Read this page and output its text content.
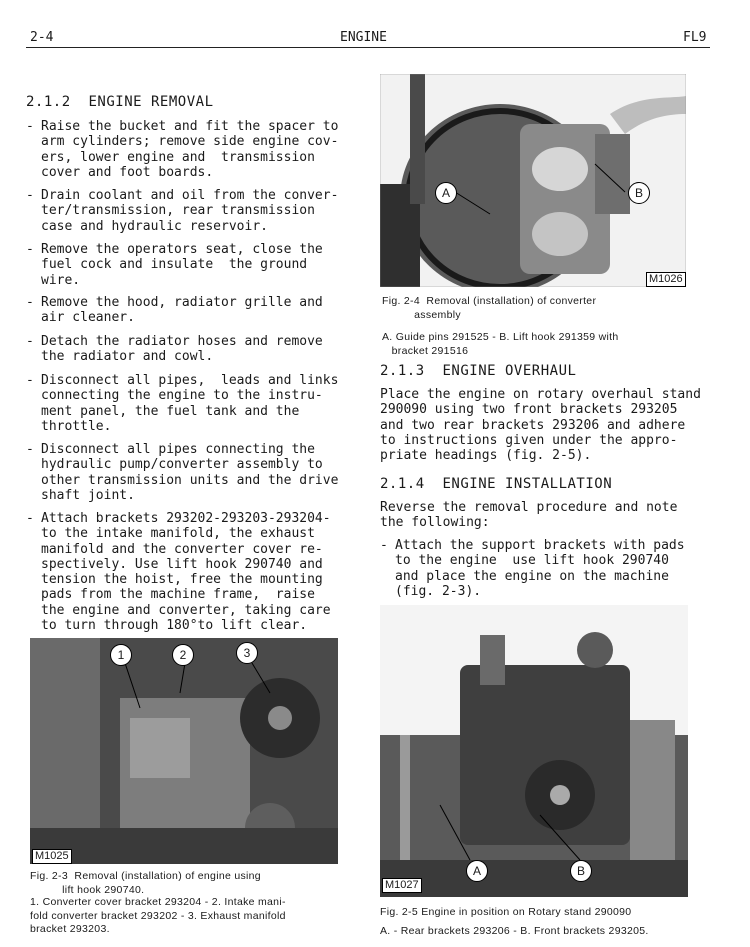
2-4	ENGINE	FL9
2.1.2  ENGINE REMOVAL
- Raise the bucket and fit the spacer to
arm cylinders; remove side engine cov-
ers, lower engine and  transmission
cover and foot boards.
- Drain coolant and oil from the conver-
ter/transmission, rear transmission
case and hydraulic reservoir.
- Remove the operators seat, close the
fuel cock and insulate  the ground
wire.
- Remove the hood, radiator grille and
air cleaner.
- Detach the radiator hoses and remove
the radiator and cowl.
- Disconnect all pipes,  leads and links
connecting the engine to the instru-
ment panel, the fuel tank and the
throttle.
- Disconnect all pipes connecting the
hydraulic pump/converter assembly to
other transmission units and the drive
shaft joint.
- Attach brackets 293202-293203-293204-
to the intake manifold, the exhaust
manifold and the converter cover re-
spectively. Use lift hook 290740 and
tension the hoist, free the mounting
pads from the machine frame,  raise
the engine and converter, taking care
to turn through 180°to lift clear.
A	B
M1026
Fig. 2-4  Removal (installation) of converter
assembly
A. Guide pins 291525 - B. Lift hook 291359 with
bracket 291516
2.1.3  ENGINE OVERHAUL
Place the engine on rotary overhaul stand
290090 using two front brackets 293205
and two rear brackets 293206 and adhere
to instructions given under the appro-
priate headings (fig. 2-5).
2.1.4  ENGINE INSTALLATION
Reverse the removal procedure and note
the following:
- Attach the support brackets with pads
to the engine  use lift hook 290740
and place the engine on the machine
(fig. 2-3).
1	2	3
M1025
Fig. 2-3  Removal (installation) of engine using
lift hook 290740.
1. Converter cover bracket 293204 - 2. Intake mani-
fold converter bracket 293202 - 3. Exhaust manifold
bracket 293203.
A	B
M1027
Fig. 2-5 Engine in position on Rotary stand 290090
A. - Rear brackets 293206 - B. Front brackets 293205.
